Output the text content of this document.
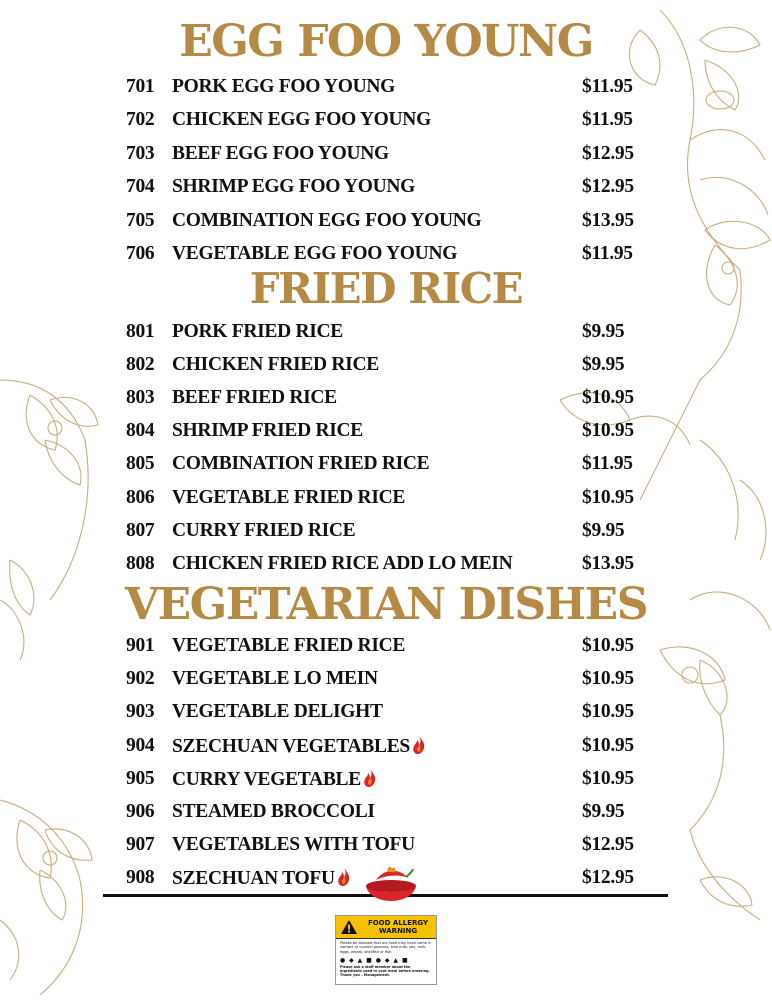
EGG FOO YOUNG
701 PORK EGG FOO YOUNG	$11.95
702 CHICKEN EGG FOO YOUNG	$11.95
703 BEEF EGG FOO YOUNG	$12.95
704 SHRIMP EGG FOO YOUNG	$12.95
705 COMBINATION EGG FOO YOUNG	$13.95
706 VEGETABLE EGG FOO YOUNG	$11.95
FRIED RICE
801 PORK FRIED RICE	$9.95
802 CHICKEN FRIED RICE	$9.95
803 BEEF FRIED RICE	$10.95
804 SHRIMP FRIED RICE	$10.95
805 COMBINATION FRIED RICE	$11.95
806 VEGETABLE FRIED RICE	$10.95
807 CURRY FRIED RICE	$9.95
808 CHICKEN FRIED RICE ADD LO MEIN	$13.95
VEGETARIAN DISHES
901 VEGETABLE FRIED RICE	$10.95
902 VEGETABLE LO MEIN	$10.95
903 VEGETABLE DELIGHT	$10.95
904 SZECHUAN VEGETABLES	$10.95
905 CURRY VEGETABLE	$10.95
906 STEAMED BROCCOLI	$9.95
907 VEGETABLES WITH TOFU	$12.95
908 SZECHUAN TOFU	$12.95
FOOD ALLERGY
WARNING
Please be advised that our food may have come in contact or contain peanuts, tree nuts, soy, milk, eggs, wheat, shellfish or fish.
● ◆ ▲ ■ ● ◆ ▲ ■
Please ask a staff member about the ingredients used in your meal before ordering. Thank you – Management.
